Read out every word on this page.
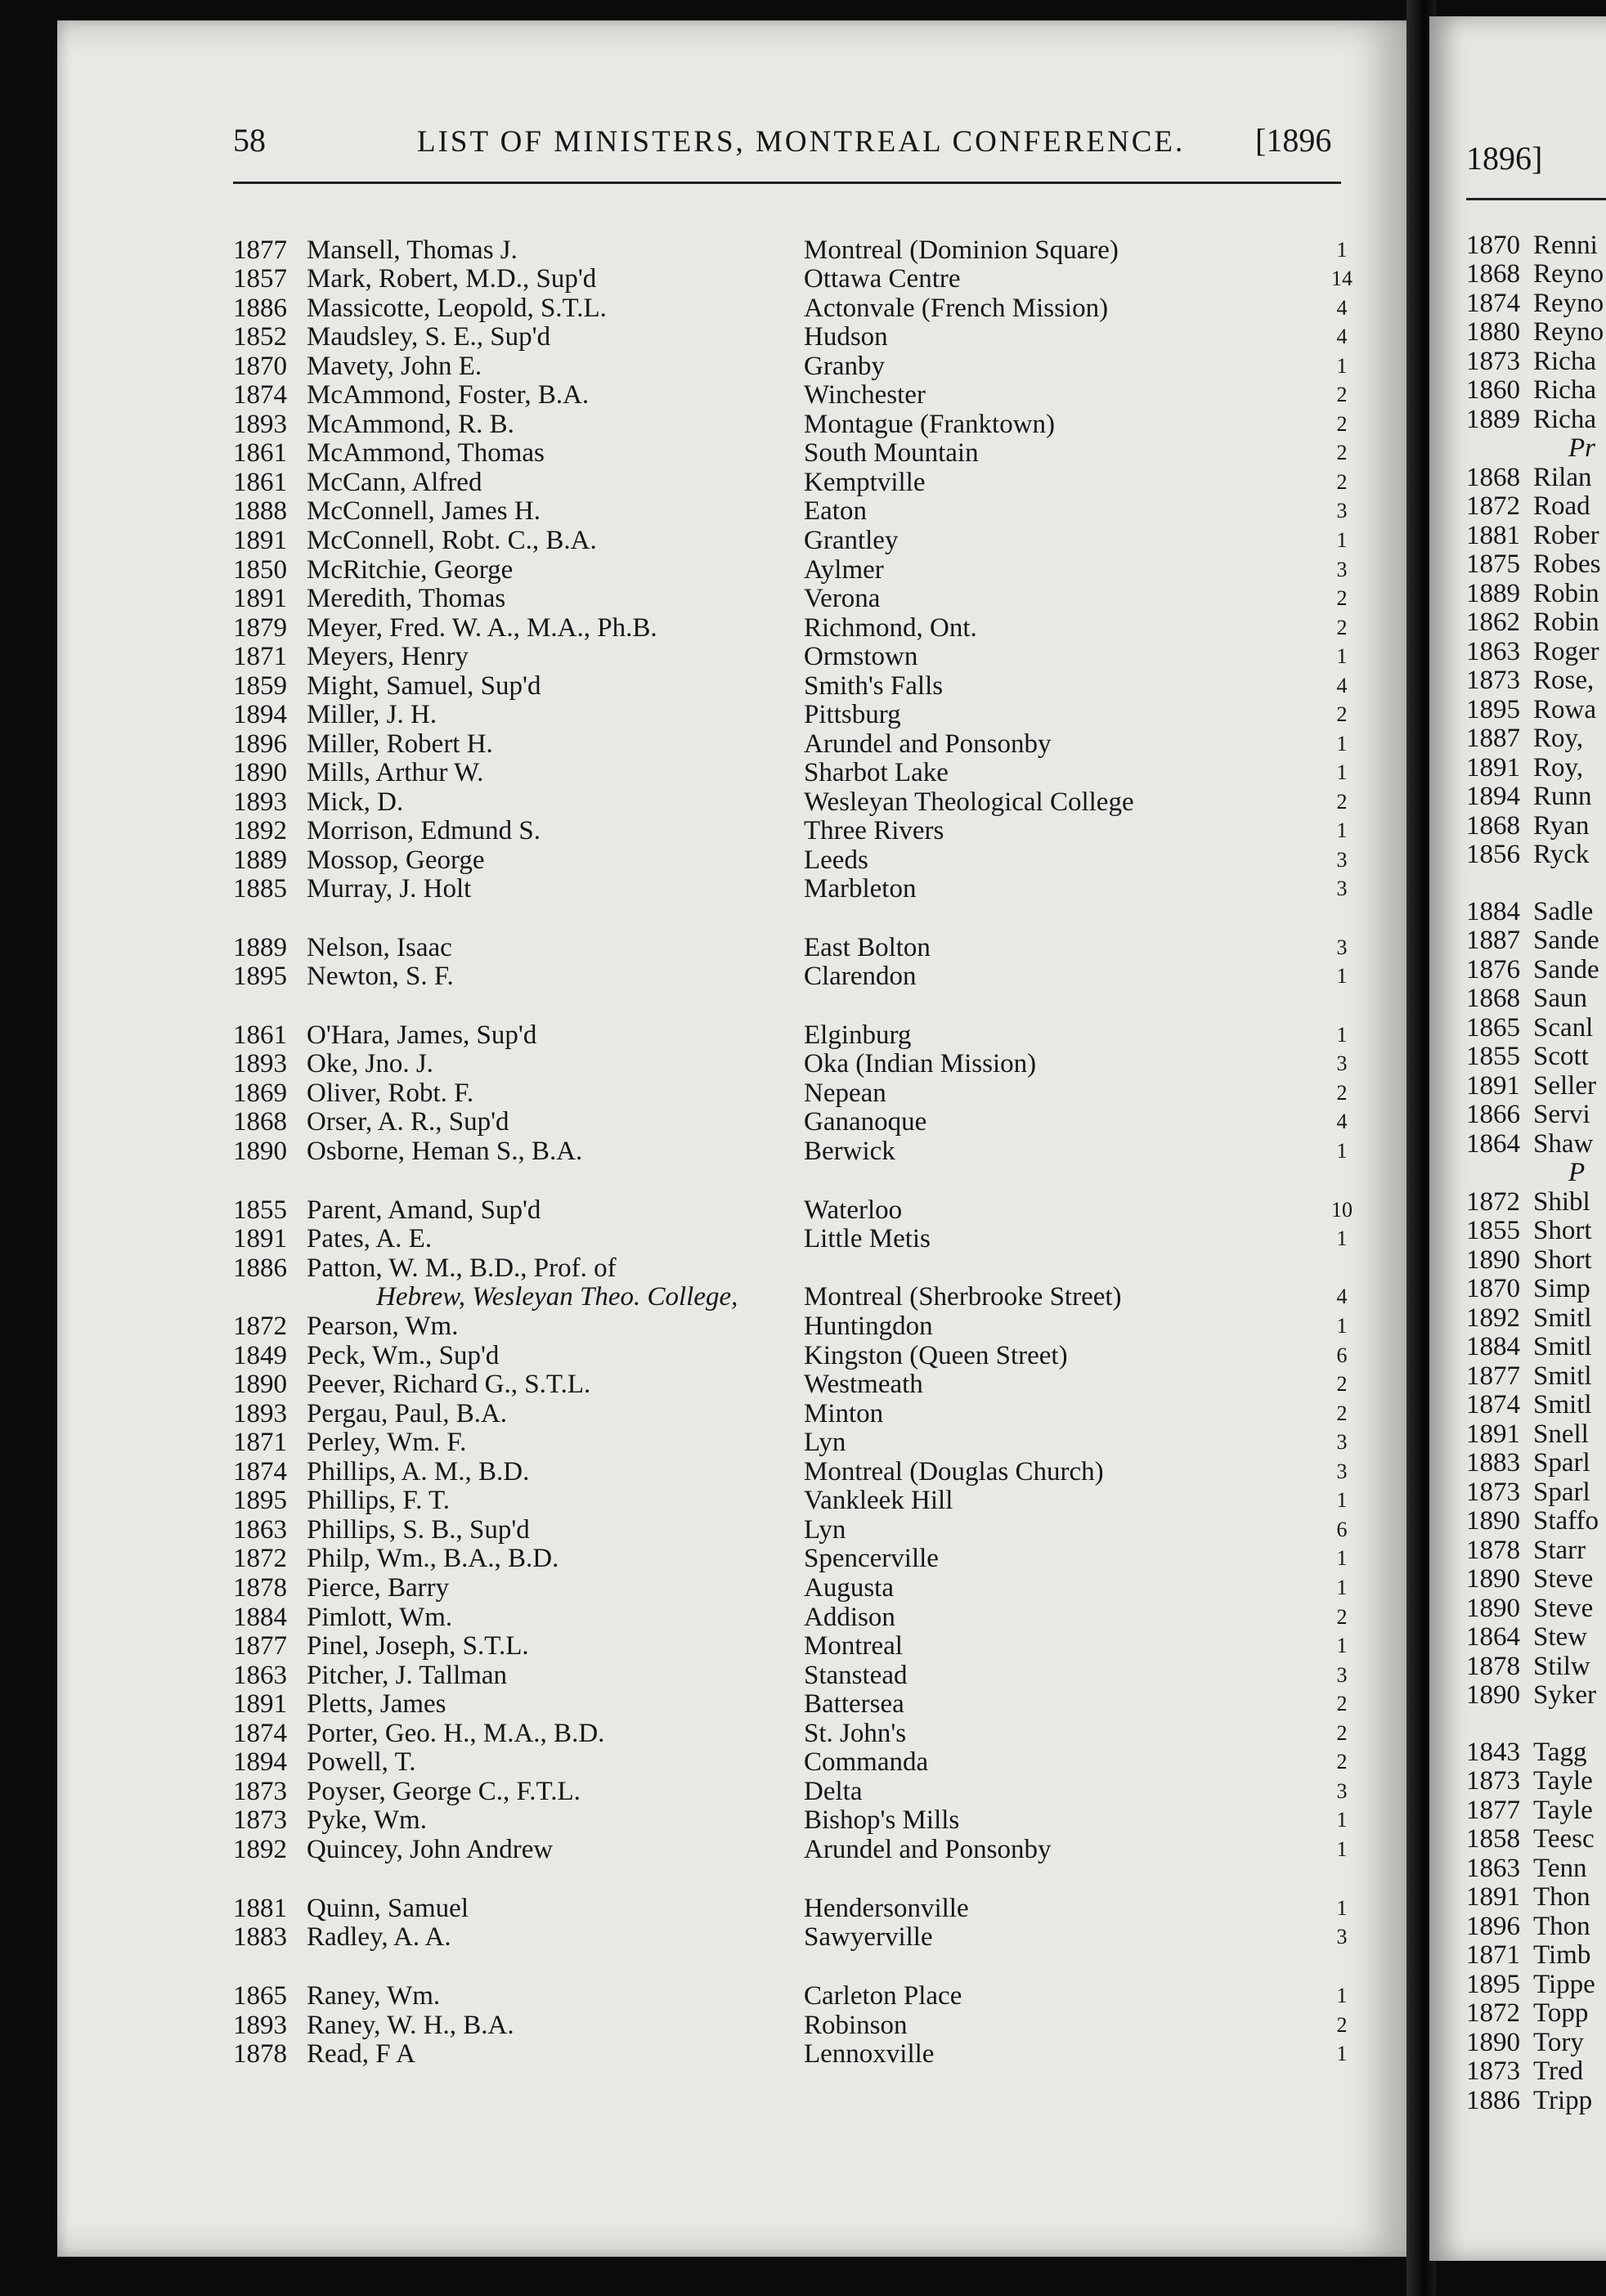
1896]
1870 Renni
1868 Reyno
1874 Reyno
1880 Reyno
1873 Richa
1860 Richa
1889 Richa
Pr
1868 Rilan
1872 Road
1881 Rober
1875 Robes
1889 Robin
1862 Robin
1863 Roger
1873 Rose,
1895 Rowa
1887 Roy,
1891 Roy,
1894 Runn
1868 Ryan
1856 Ryck
1884 Sadle
1887 Sande
1876 Sande
1868 Saun
1865 Scanl
1855 Scott
1891 Seller
1866 Servi
1864 Shaw
P
1872 Shibl
1855 Short
1890 Short
1870 Simp
1892 Smitl
1884 Smitl
1877 Smitl
1874 Smitl
1891 Snell
1883 Sparl
1873 Sparl
1890 Staffo
1878 Starr
1890 Steve
1890 Steve
1864 Stew
1878 Stilw
1890 Syker
1843 Tagg
1873 Tayle
1877 Tayle
1858 Teesc
1863 Tenn
1891 Thon
1896 Thon
1871 Timb
1895 Tippe
1872 Topp
1890 Tory
1873 Tred
1886 Tripp
58	LIST OF MINISTERS, MONTREAL CONFERENCE. [1896
1877 Mansell, Thomas J.	Montreal (Dominion Square)	1
1857 Mark, Robert, M.D., Sup'd	Ottawa Centre	14
1886 Massicotte, Leopold, S.T.L.	Actonvale (French Mission)	4
1852 Maudsley, S. E., Sup'd	Hudson	4
1870 Mavety, John E.	Granby	1
1874 McAmmond, Foster, B.A.	Winchester	2
1893 McAmmond, R. B.	Montague (Franktown)	2
1861 McAmmond, Thomas	South Mountain	2
1861 McCann, Alfred	Kemptville	2
1888 McConnell, James H.	Eaton	3
1891 McConnell, Robt. C., B.A.	Grantley	1
1850 McRitchie, George	Aylmer	3
1891 Meredith, Thomas	Verona	2
1879 Meyer, Fred. W. A., M.A., Ph.B.	Richmond, Ont.	2
1871 Meyers, Henry	Ormstown	1
1859 Might, Samuel, Sup'd	Smith's Falls	4
1894 Miller, J. H.	Pittsburg	2
1896 Miller, Robert H.	Arundel and Ponsonby	1
1890 Mills, Arthur W.	Sharbot Lake	1
1893 Mick, D.	Wesleyan Theological College	2
1892 Morrison, Edmund S.	Three Rivers	1
1889 Mossop, George	Leeds	3
1885 Murray, J. Holt	Marbleton	3
1889 Nelson, Isaac	East Bolton	3
1895 Newton, S. F.	Clarendon	1
1861 O'Hara, James, Sup'd	Elginburg	1
1893 Oke, Jno. J.	Oka (Indian Mission)	3
1869 Oliver, Robt. F.	Nepean	2
1868 Orser, A. R., Sup'd	Gananoque	4
1890 Osborne, Heman S., B.A.	Berwick	1
1855 Parent, Amand, Sup'd	Waterloo	10
1891 Pates, A. E.	Little Metis	1
1886 Patton, W. M., B.D., Prof. of
Hebrew, Wesleyan Theo. College, Montreal (Sherbrooke Street)	4
1872 Pearson, Wm.	Huntingdon	1
1849 Peck, Wm., Sup'd	Kingston (Queen Street)	6
1890 Peever, Richard G., S.T.L.	Westmeath	2
1893 Pergau, Paul, B.A.	Minton	2
1871 Perley, Wm. F.	Lyn	3
1874 Phillips, A. M., B.D.	Montreal (Douglas Church)	3
1895 Phillips, F. T.	Vankleek Hill	1
1863 Phillips, S. B., Sup'd	Lyn	6
1872 Philp, Wm., B.A., B.D.	Spencerville	1
1878 Pierce, Barry	Augusta	1
1884 Pimlott, Wm.	Addison	2
1877 Pinel, Joseph, S.T.L.	Montreal	1
1863 Pitcher, J. Tallman	Stanstead	3
1891 Pletts, James	Battersea	2
1874 Porter, Geo. H., M.A., B.D.	St. John's	2
1894 Powell, T.	Commanda	2
1873 Poyser, George C., F.T.L.	Delta	3
1873 Pyke, Wm.	Bishop's Mills	1
1892 Quincey, John Andrew	Arundel and Ponsonby	1
1881 Quinn, Samuel	Hendersonville	1
1883 Radley, A. A.	Sawyerville	3
1865 Raney, Wm.	Carleton Place	1
1893 Raney, W. H., B.A.	Robinson	2
1878 Read, F A	Lennoxville	1
